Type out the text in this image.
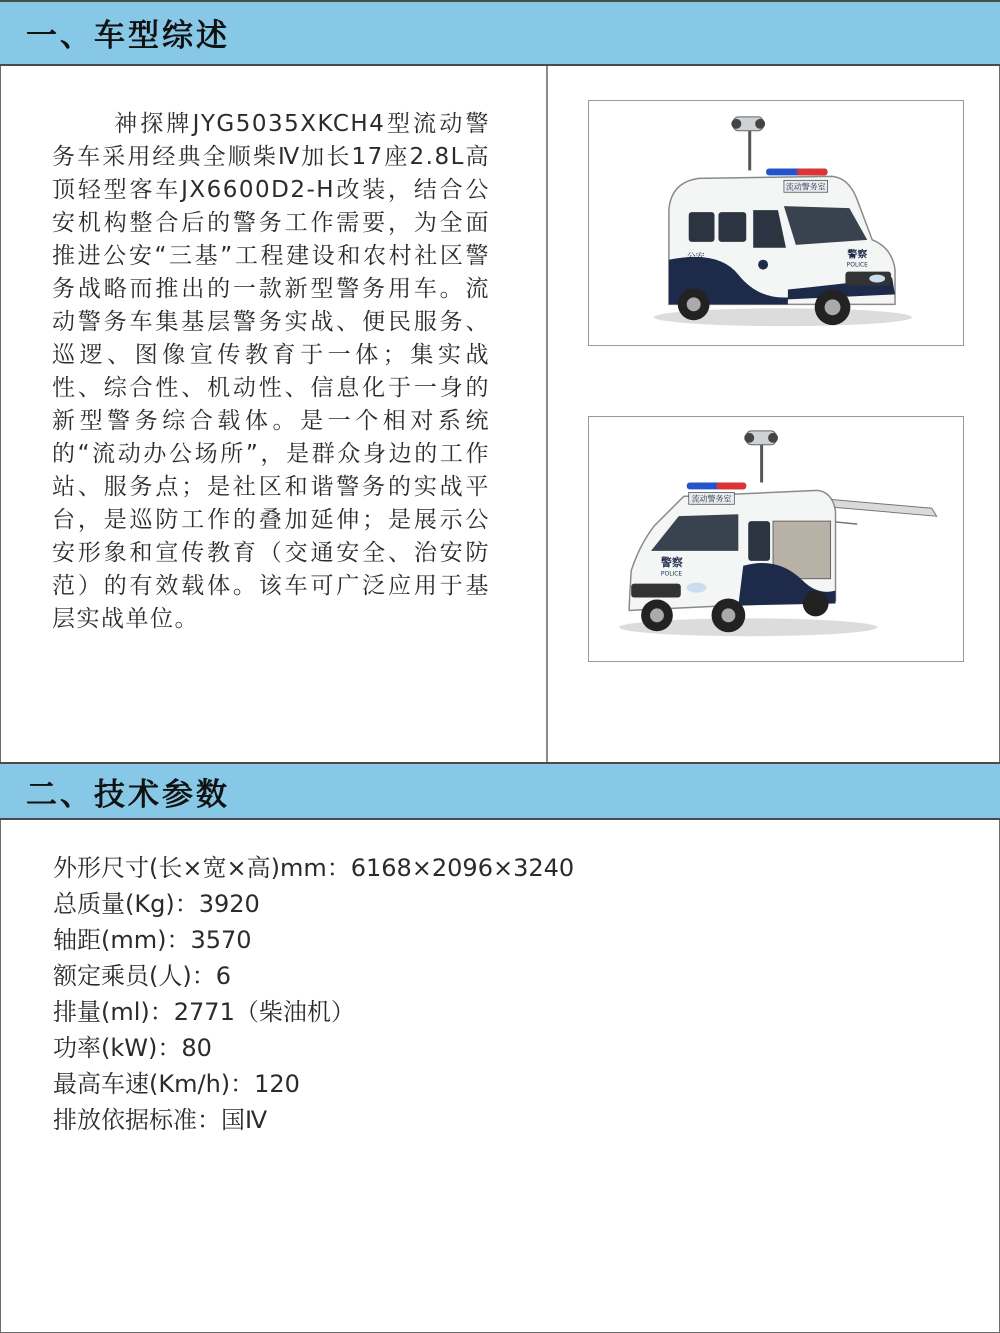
一、车型综述
神探牌JYG5035XKCH4型流动警务车采用经典全顺柴Ⅳ加长17座2.8L高顶轻型客车JX6600D2-H改装，结合公安机构整合后的警务工作需要，为全面推进公安“三基”工程建设和农村社区警务战略而推出的一款新型警务用车。流动警务车集基层警务实战、便民服务、巡逻、图像宣传教育于一体；集实战性、综合性、机动性、信息化于一身的新型警务综合载体。是一个相对系统的“流动办公场所”，是群众身边的工作站、服务点；是社区和谐警务的实战平台，是巡防工作的叠加延伸；是展示公安形象和宣传教育（交通安全、治安防范）的有效载体。该车可广泛应用于基层实战单位。
流动警务室
公安	警察
POLICE
流动警务室
警察
POLICE
二、技术参数
外形尺寸(长×宽×高)mm：6168×2096×3240
总质量(Kg)：3920
轴距(mm)：3570
额定乘员(人)：6
排量(ml)：2771（柴油机）
功率(kW)：80
最高车速(Km/h)：120
排放依据标准：国Ⅳ
